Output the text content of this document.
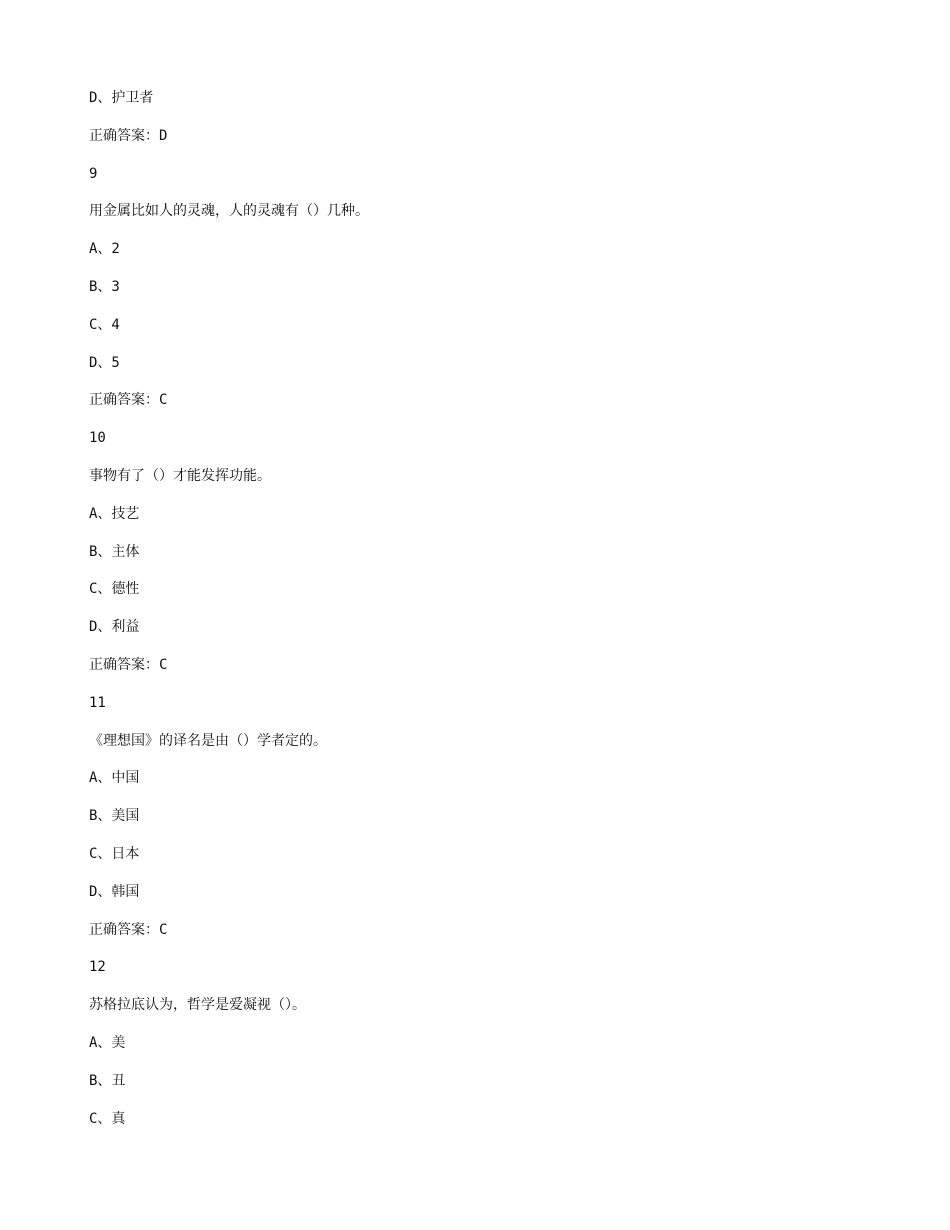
D、护卫者
正确答案：D
9
用金属比如人的灵魂，人的灵魂有（）几种。
A、2
B、3
C、4
D、5
正确答案：C
10
事物有了（）才能发挥功能。
A、技艺
B、主体
C、德性
D、利益
正确答案：C
11
《理想国》的译名是由（）学者定的。
A、中国
B、美国
C、日本
D、韩国
正确答案：C
12
苏格拉底认为，哲学是爱凝视（）。
A、美
B、丑
C、真
